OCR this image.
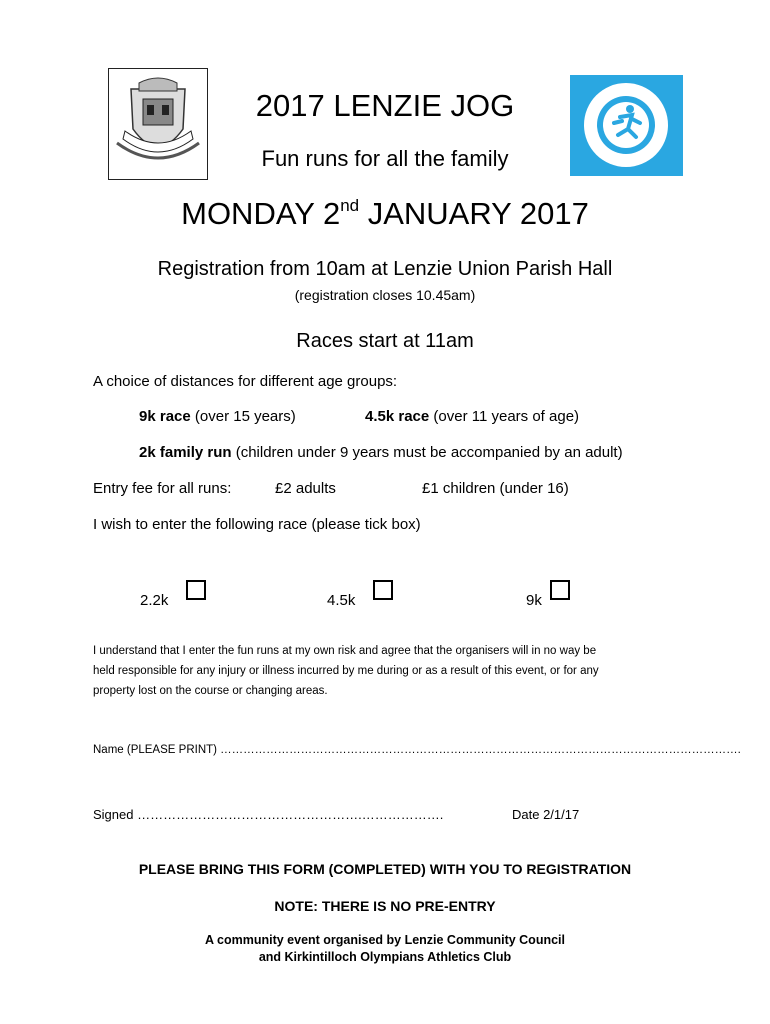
2017 LENZIE JOG
Fun runs for all the family
MONDAY 2nd JANUARY 2017
Registration from 10am at Lenzie Union Parish Hall
(registration closes 10.45am)
Races start at 11am
A choice of distances for different age groups:
9k race (over 15 years)	4.5k race (over 11 years of age)
2k family run (children under 9 years must be accompanied by an adult)
Entry fee for all runs:	£2 adults	£1 children (under 16)
I wish to enter the following race (please tick box)
2.2k	4.5k	9k
I understand that I enter the fun runs at my own risk and agree that the organisers will in no way be
held responsible for any injury or illness incurred by me during or as a result of this event, or for any
property lost on the course or changing areas.
Name (PLEASE PRINT) ……………………………………………………………………………………………………………………….
Signed …………………………………………….……………….	Date 2/1/17
PLEASE BRING THIS FORM (COMPLETED) WITH YOU TO REGISTRATION
NOTE: THERE IS NO PRE-ENTRY
A community event organised by Lenzie Community Council
and Kirkintilloch Olympians Athletics Club
